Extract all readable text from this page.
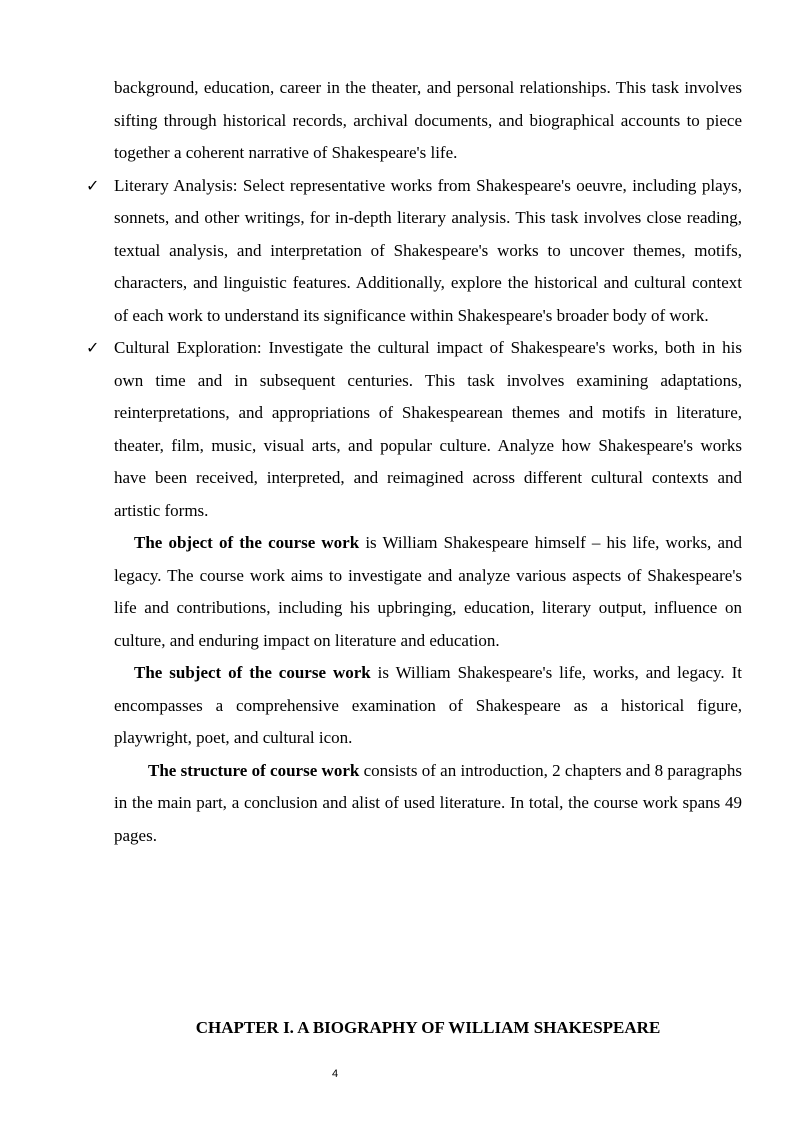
background, education, career in the theater, and personal relationships. This task involves sifting through historical records, archival documents, and biographical accounts to piece together a coherent narrative of Shakespeare's life.

✓ Literary Analysis: Select representative works from Shakespeare's oeuvre, including plays, sonnets, and other writings, for in-depth literary analysis. This task involves close reading, textual analysis, and interpretation of Shakespeare's works to uncover themes, motifs, characters, and linguistic features. Additionally, explore the historical and cultural context of each work to understand its significance within Shakespeare's broader body of work.

✓ Cultural Exploration: Investigate the cultural impact of Shakespeare's works, both in his own time and in subsequent centuries. This task involves examining adaptations, reinterpretations, and appropriations of Shakespearean themes and motifs in literature, theater, film, music, visual arts, and popular culture. Analyze how Shakespeare's works have been received, interpreted, and reimagined across different cultural contexts and artistic forms.

The object of the course work is William Shakespeare himself – his life, works, and legacy. The course work aims to investigate and analyze various aspects of Shakespeare's life and contributions, including his upbringing, education, literary output, influence on culture, and enduring impact on literature and education.

The subject of the course work is William Shakespeare's life, works, and legacy. It encompasses a comprehensive examination of Shakespeare as a historical figure, playwright, poet, and cultural icon.

The structure of course work consists of an introduction, 2 chapters and 8 paragraphs in the main part, a conclusion and alist of used literature. In total, the course work spans 49 pages.

CHAPTER I. A BIOGRAPHY OF WILLIAM SHAKESPEARE
4
